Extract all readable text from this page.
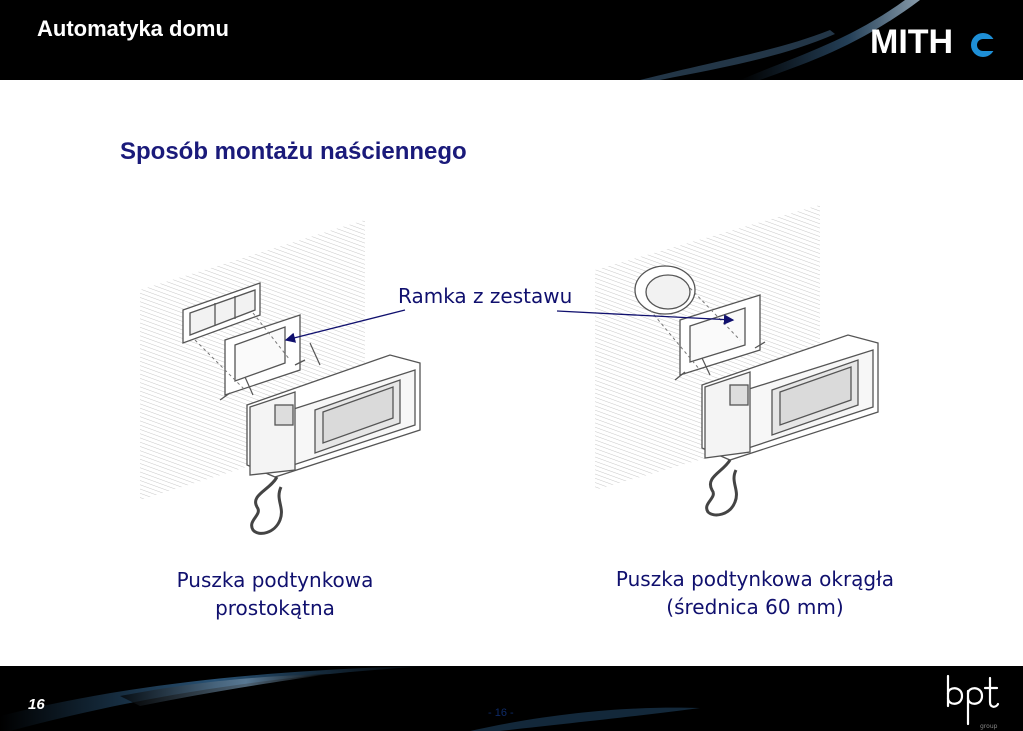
Automatyka domu	MITH
Sposób montażu naściennego
Ramka z zestawu
Puszka podtynkowa
prostokątna
Puszka podtynkowa okrągła
(średnica 60 mm)
16	- 16 -
group
